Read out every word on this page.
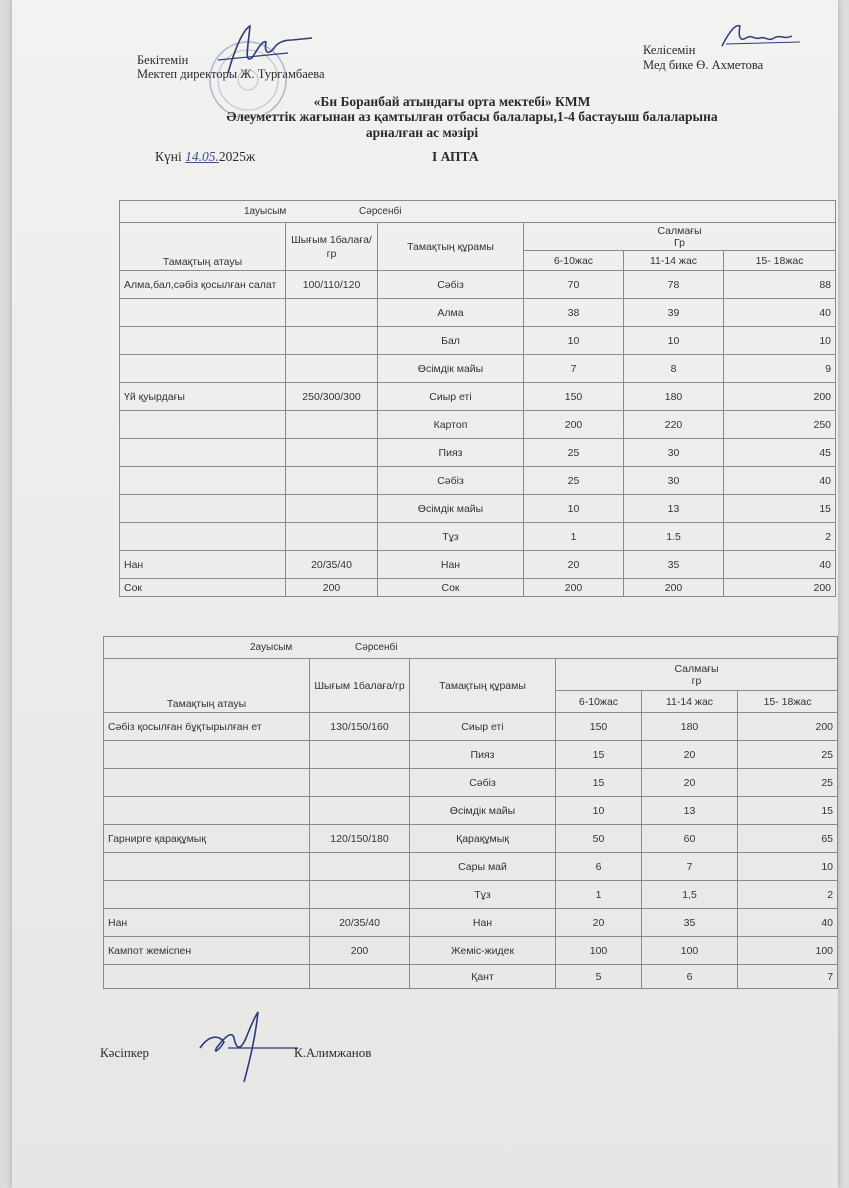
Бекітемін
Мектеп директоры Ж. Тургамбаева
Келісемін
Мед бике Ө. Ахметова
«Бн Боранбай атындағы орта мектебі» КММ
Әлеуметтік жағынан аз қамтылған отбасы балалары,1-4 бастауыш балаларына
арналған ас мәзірі
Күні 14.05.2025ж	І АПТА
1ауысым Сәрсенбі					
Тамақтың атауы	Шығым 1балаға/гр	Тамақтың құрамы	Салмағы
Гр		

			6-10жас	11-14 жас	15- 18жас
Алма,бал,сәбіз қосылған салат	100/110/120	Сәбіз	70	78	88
		Алма	38	39	40
		Бал	10	10	10
		Өсімдік майы	7	8	9
Үй қуырдағы	250/300/300	Сиыр еті	150	180	200
		Картоп	200	220	250
		Пияз	25	30	45
		Сәбіз	25	30	40
		Өсімдік майы	10	13	15
		Тұз	1	1.5	2
Нан	20/35/40	Нан	20	35	40
Сок	200	Сок	200	200	200
2ауысым Сәрсенбі					
Тамақтың атауы	Шығым 1балаға/гр	Тамақтың құрамы	Салмағы
гр		

			6-10жас	11-14 жас	15- 18жас
Сәбіз қосылған бұқтырылған ет	130/150/160	Сиыр еті	150	180	200
		Пияз	15	20	25
		Сәбіз	15	20	25
		Өсімдік майы	10	13	15
Гарнирге қарақұмық	120/150/180	Қарақұмық	50	60	65
		Сары май	6	7	10
		Тұз	1	1,5	2
Нан	20/35/40	Нан	20	35	40
Кампот жемiспен	200	Жеміс-жидек	100	100	100
		Қант	5	6	7
Кәсіпкер	К.Алимжанов
